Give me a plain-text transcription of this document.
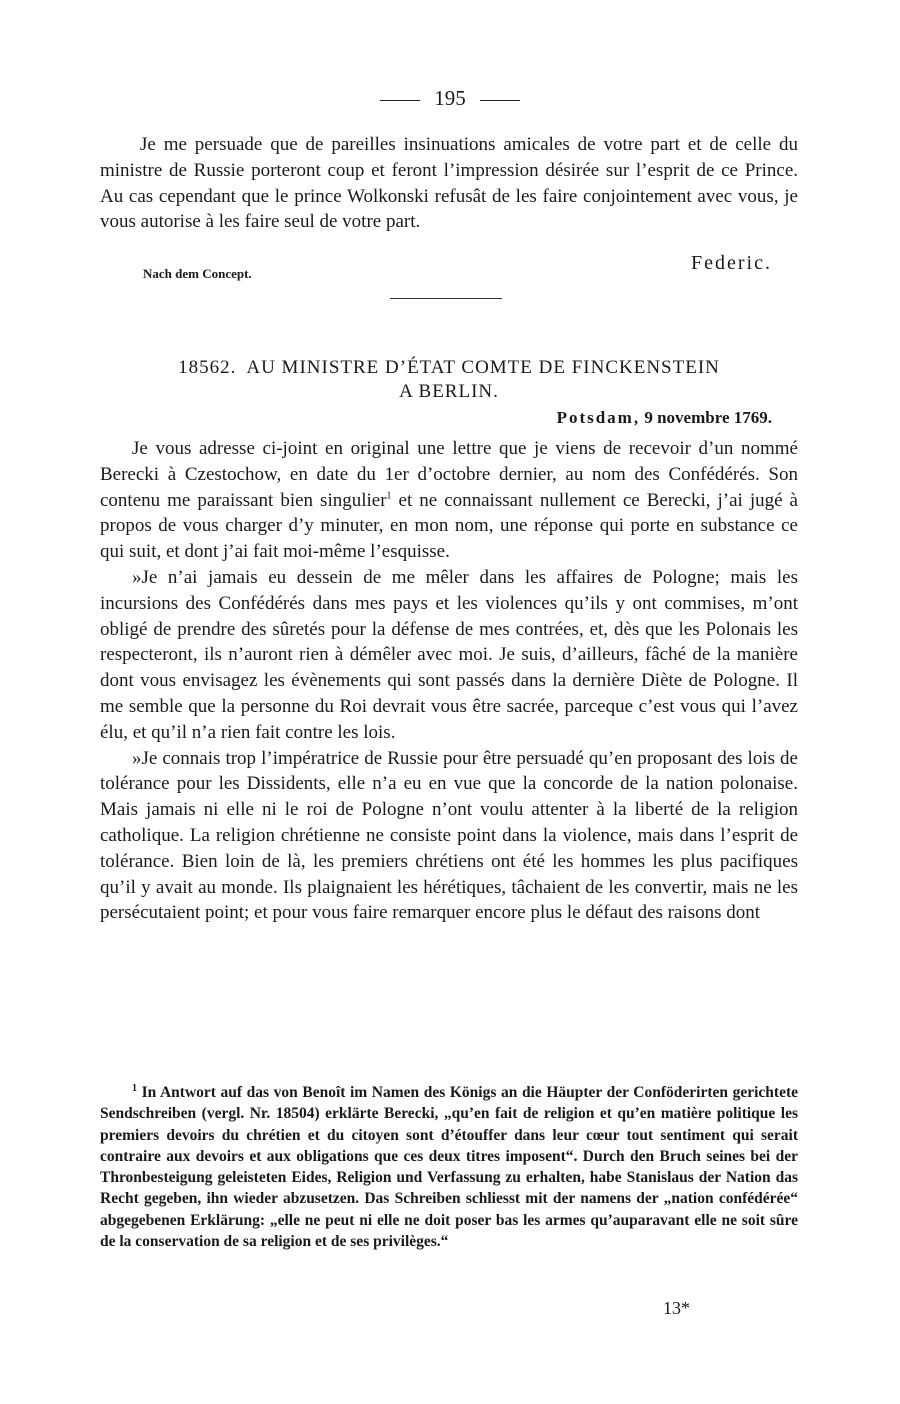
195

Je me persuade que de pareilles insinuations amicales de votre part et de celle du ministre de Russie porteront coup et feront l’impression désirée sur l’esprit de ce Prince. Au cas cependant que le prince Wolkonski refusât de les faire conjointement avec vous, je vous autorise à les faire seul de votre part.

Federic.
Nach dem Concept.
18562. AU MINISTRE D’ÉTAT COMTE DE FINCKENSTEIN
A BERLIN.
Potsdam, 9 novembre 1769.

Je vous adresse ci-joint en original une lettre que je viens de recevoir d’un nommé Berecki à Czestochow, en date du 1er d’octobre dernier, au nom des Confédérés. Son contenu me paraissant bien singulier$^1$ et ne connaissant nullement ce Berecki, j’ai jugé à propos de vous charger d’y minuter, en mon nom, une réponse qui porte en substance ce qui suit, et dont j’ai fait moi-même l’esquisse.

»Je n’ai jamais eu dessein de me mêler dans les affaires de Pologne; mais les incursions des Confédérés dans mes pays et les violences qu’ils y ont commises, m’ont obligé de prendre des sûretés pour la défense de mes contrées, et, dès que les Polonais les respecteront, ils n’auront rien à démêler avec moi. Je suis, d’ailleurs, fâché de la manière dont vous envisagez les évènements qui sont passés dans la dernière Diète de Pologne. Il me semble que la personne du Roi devrait vous être sacrée, parceque c’est vous qui l’avez élu, et qu’il n’a rien fait contre les lois.

»Je connais trop l’impératrice de Russie pour être persuadé qu’en proposant des lois de tolérance pour les Dissidents, elle n’a eu en vue que la concorde de la nation polonaise. Mais jamais ni elle ni le roi de Pologne n’ont voulu attenter à la liberté de la religion catholique. La religion chrétienne ne consiste point dans la violence, mais dans l’esprit de tolérance. Bien loin de là, les premiers chrétiens ont été les hommes les plus pacifiques qu’il y avait au monde. Ils plaignaient les hérétiques, tâchaient de les convertir, mais ne les persécutaient point; et pour vous faire remarquer encore plus le défaut des raisons dont

$^1$ In Antwort auf das von Benoît im Namen des Königs an die Häupter der Conföderirten gerichtete Sendschreiben (vergl. Nr. 18504) erklärte Berecki, „qu’en fait de religion et qu’en matière politique les premiers devoirs du chrétien et du citoyen sont d’étouffer dans leur cœur tout sentiment qui serait contraire aux devoirs et aux obligations que ces deux titres imposent“. Durch den Bruch seines bei der Thronbesteigung geleisteten Eides, Religion und Verfassung zu erhalten, habe Stanislaus der Nation das Recht gegeben, ihn wieder abzusetzen. Das Schreiben schliesst mit der namens der „nation confédérée“ abgegebenen Erklärung: „elle ne peut ni elle ne doit poser bas les armes qu’auparavant elle ne soit sûre de la conservation de sa religion et de ses privilèges.“

13*
